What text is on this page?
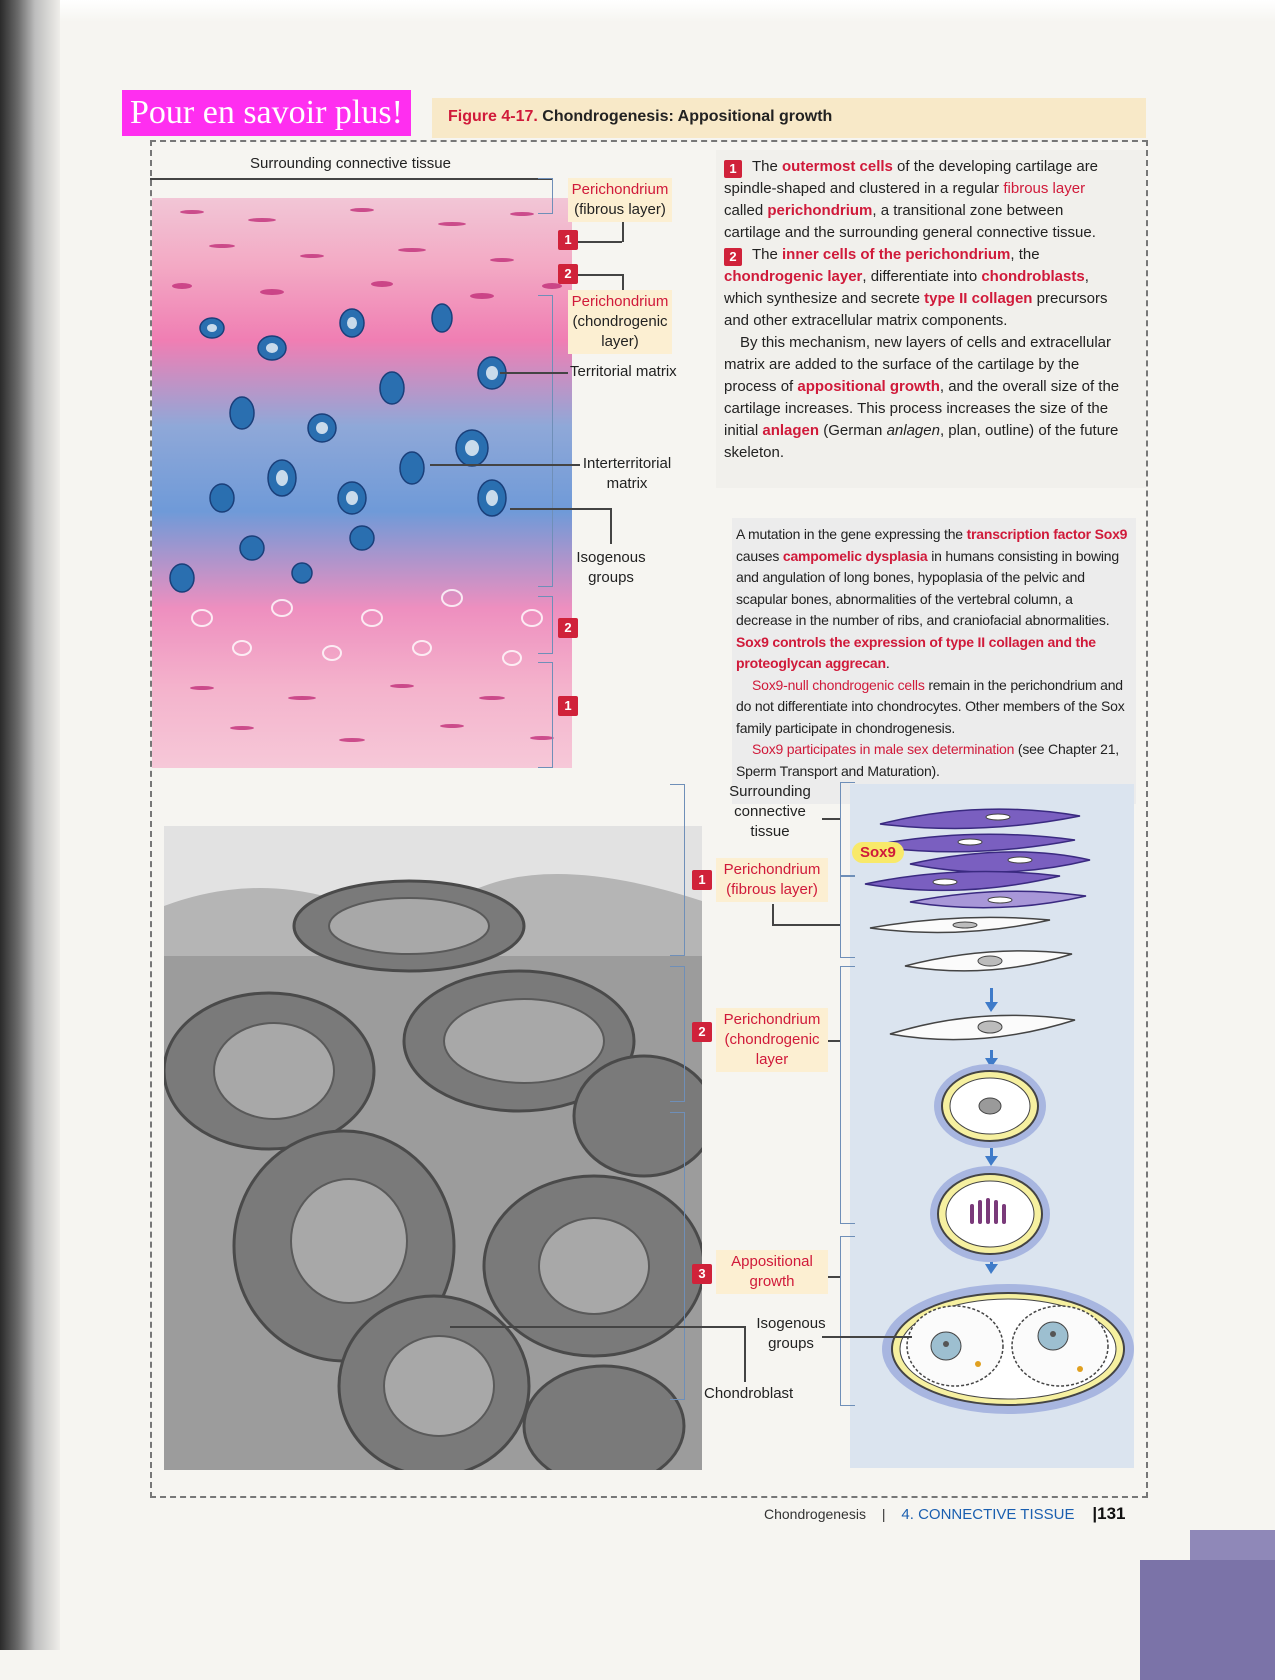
Pour en savoir plus!	Figure 4-17. Chondrogenesis: Appositional growth
Surrounding connective tissue
Perichondrium
(fibrous layer)
1
2
Perichondrium
(chondrogenic
layer)
Territorial matrix
Interterritorial
matrix
Isogenous
groups
2
1

1 The outermost cells of the developing cartilage are spindle-shaped and clustered in a regular fibrous layer called perichondrium, a transitional zone between cartilage and the surrounding general connective tissue.

2 The inner cells of the perichondrium, the chondrogenic layer, differentiate into chondroblasts, which synthesize and secrete type II collagen precursors and other extracellular matrix components.

By this mechanism, new layers of cells and extracellular matrix are added to the surface of the cartilage by the process of appositional growth, and the overall size of the cartilage increases. This process increases the size of the initial anlagen (German anlagen, plan, outline) of the future skeleton.

A mutation in the gene expressing the transcription factor Sox9 causes campomelic dysplasia in humans consisting in bowing and angulation of long bones, hypoplasia of the pelvic and scapular bones, abnormalities of the vertebral column, a decrease in the number of ribs, and craniofacial abnormalities. Sox9 controls the expression of type II collagen and the proteoglycan aggrecan.

Sox9-null chondrogenic cells remain in the perichondrium and do not differentiate into chondrocytes. Other members of the Sox family participate in chondrogenesis.

Sox9 participates in male sex determination (see Chapter 21, Sperm Transport and Maturation).

Sox9
Surrounding
connective
tissue
1
Perichondrium
(fibrous layer)
2
Perichondrium
(chondrogenic
layer
3
Appositional
growth
Isogenous
groups
Chondroblast
Chondrogenesis | 4. CONNECTIVE TISSUE |131
